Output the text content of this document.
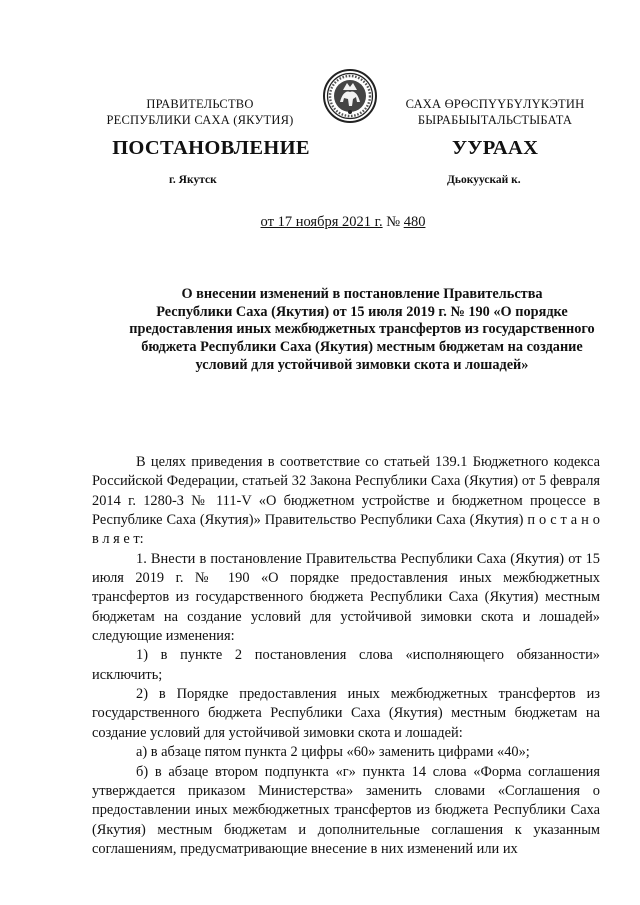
ПРАВИТЕЛЬСТВО
РЕСПУБЛИКИ САХА (ЯКУТИЯ)
САХА ӨРӨСПҮҮБҮЛҮКЭТИН
БЫРАБЫЫТАЛЬСТЫБАТА
ПОСТАНОВЛЕНИЕ	УУРААХ
г. Якутск	Дьокуускай к.
от 17 ноября 2021 г. № 480
О внесении изменений в постановление Правительства
Республики Саха (Якутия) от 15 июля 2019 г. № 190 «О порядке
предоставления иных межбюджетных трансфертов из государственного
бюджета Республики Саха (Якутия) местным бюджетам на создание
условий для устойчивой зимовки скота и лошадей»

В целях приведения в соответствие со статьей 139.1 Бюджетного кодекса Российской Федерации, статьей 32 Закона Республики Саха (Якутия) от 5 февраля 2014 г. 1280-З № 111-V «О бюджетном устройстве и бюджетном процессе в Республике Саха (Якутия)» Правительство Республики Саха (Якутия) п о с т а н о в л я е т:

1. Внести в постановление Правительства Республики Саха (Якутия) от 15 июля 2019 г. № 190 «О порядке предоставления иных межбюджетных трансфертов из государственного бюджета Республики Саха (Якутия) местным бюджетам на создание условий для устойчивой зимовки скота и лошадей» следующие изменения:

1) в пункте 2 постановления слова «исполняющего обязанности» исключить;

2) в Порядке предоставления иных межбюджетных трансфертов из государственного бюджета Республики Саха (Якутия) местным бюджетам на создание условий для устойчивой зимовки скота и лошадей:

а) в абзаце пятом пункта 2 цифры «60» заменить цифрами «40»;

б) в абзаце втором подпункта «г» пункта 14 слова «Форма соглашения утверждается приказом Министерства» заменить словами «Соглашения о предоставлении иных межбюджетных трансфертов из бюджета Республики Саха (Якутия) местным бюджетам и дополнительные соглашения к указанным соглашениям, предусматривающие внесение в них изменений или их
